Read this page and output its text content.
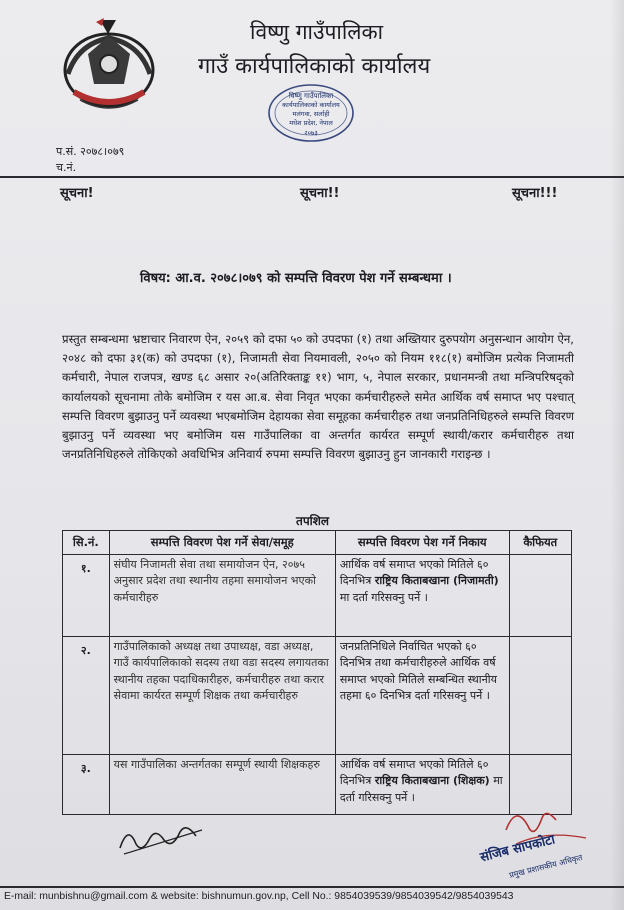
विष्णु गाउँपालिका
गाउँ कार्यपालिकाको कार्यालय
विष्णु गाउँपालिका
कार्यपालिकाको कार्यालय
मलंगवा, सर्लाही
मधेश प्रदेश, नेपाल
२०७३
प.सं. २०७८।०७९
च.नं.
सूचना!	सूचना!!	सूचना!!!
विषय: आ.व. २०७८।०७९ को सम्पत्ति विवरण पेश गर्ने सम्बन्धमा ।
प्रस्तुत सम्बन्धमा भ्रष्टाचार निवारण ऐन, २०५९ को दफा ५० को उपदफा (१) तथा अख्तियार दुरुपयोग अनुसन्धान आयोग ऐन, २०४८ को दफा ३१(क) को उपदफा (१), निजामती सेवा नियमावली, २०५० को नियम ११८(१) बमोजिम प्रत्येक निजामती कर्मचारी, नेपाल राजपत्र, खण्ड ६८ असार २०(अतिरिक्ताङ्क ११) भाग, ५, नेपाल सरकार, प्रधानमन्त्री तथा मन्त्रिपरिषद्को कार्यालयको सूचनामा तोके बमोजिम र यस आ.ब. सेवा निवृत भएका कर्मचारीहरुले समेत आर्थिक वर्ष समाप्त भए पश्चात् सम्पत्ति विवरण बुझाउनु पर्ने व्यवस्था भएबमोजिम देहायका सेवा समूहका कर्मचारीहरु तथा जनप्रतिनिधिहरुले सम्पत्ति विवरण बुझाउनु पर्ने व्यवस्था भए बमोजिम यस गाउँपालिका वा अन्तर्गत कार्यरत सम्पूर्ण स्थायी/करार कर्मचारीहरु तथा जनप्रतिनिधिहरुले तोकिएको अवधिभित्र अनिवार्य रुपमा सम्पत्ति विवरण बुझाउनु हुन जानकारी गराइन्छ ।
तपशिल
सि.नं.	सम्पत्ति विवरण पेश गर्ने सेवा/समूह	सम्पत्ति विवरण पेश गर्ने निकाय	कैफियत
१.	संघीय निजामती सेवा तथा समायोजन ऐन, २०७५ अनुसार प्रदेश तथा स्थानीय तहमा समायोजन भएको कर्मचारीहरु	आर्थिक वर्ष समाप्त भएको मितिले ६० दिनभित्र राष्ट्रिय किताबखाना (निजामती) मा दर्ता गरिसक्नु पर्ने ।	
२.	गाउँपालिकाको अध्यक्ष तथा उपाध्यक्ष, वडा अध्यक्ष, गाउँ कार्यपालिकाको सदस्य तथा वडा सदस्य लगायतका स्थानीय तहका पदाधिकारीहरु, कर्मचारीहरु तथा करार सेवामा कार्यरत सम्पूर्ण शिक्षक तथा कर्मचारीहरु	जनप्रतिनिधिले निर्वाचित भएको ६० दिनभित्र तथा कर्मचारीहरुले आर्थिक वर्ष समाप्त भएको मितिले सम्बन्धित स्थानीय तहमा ६० दिनभित्र दर्ता गरिसक्नु पर्ने ।	
३.	यस गाउँपालिका अन्तर्गतका सम्पूर्ण स्थायी शिक्षकहरु	आर्थिक वर्ष समाप्त भएको मितिले ६० दिनभित्र राष्ट्रिय किताबखाना (शिक्षक) मा दर्ता गरिसक्नु पर्ने ।	
प्रमुख प्रशासकीय अधिकृत
संजिब सापकोटा
E-mail: munbishnu@gmail.com & website: bishnumun.gov.np, Cell No.: 9854039539/9854039542/9854039543
